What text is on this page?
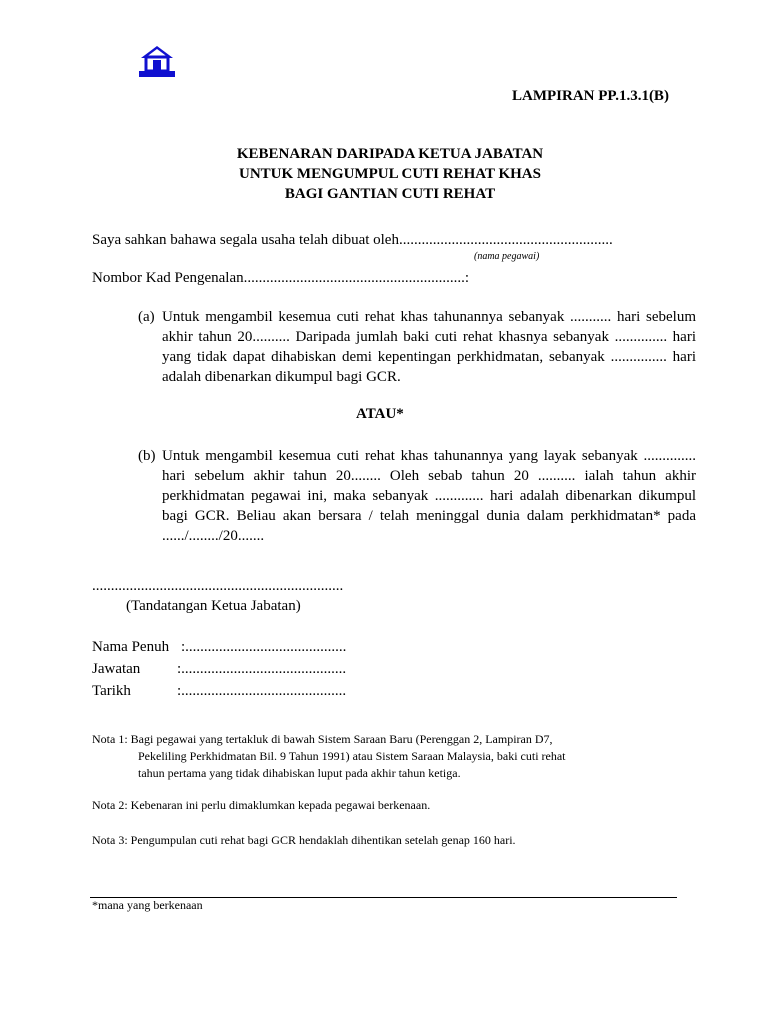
LAMPIRAN PP.1.3.1(B)
KEBENARAN DARIPADA KETUA JABATAN
UNTUK MENGUMPUL CUTI REHAT KHAS
BAGI GANTIAN CUTI REHAT
Saya sahkan bahawa segala usaha telah dibuat oleh.........................................................
(nama pegawai)
Nombor Kad Pengenalan...........................................................:
(a) Untuk mengambil kesemua cuti rehat khas tahunannya sebanyak ........... hari sebelum akhir tahun 20.......... Daripada jumlah baki cuti rehat khasnya sebanyak .............. hari yang tidak dapat dihabiskan demi kepentingan perkhidmatan, sebanyak ............... hari adalah dibenarkan dikumpul bagi GCR.

ATAU*
(b) Untuk mengambil kesemua cuti rehat khas tahunannya yang layak sebanyak .............. hari sebelum akhir tahun 20........ Oleh sebab tahun 20 .......... ialah tahun akhir perkhidmatan pegawai ini, maka sebanyak ............. hari adalah dibenarkan dikumpul bagi GCR. Beliau akan bersara / telah meninggal dunia dalam perkhidmatan* pada ....../......../20.......

...................................................................
(Tandatangan Ketua Jabatan)
Nama Penuh :...........................................
Jawatan :............................................
Tarikh	:............................................
Nota 1: Bagi pegawai yang tertakluk di bawah Sistem Saraan Baru (Perenggan 2, Lampiran D7,
Pekeliling Perkhidmatan Bil. 9 Tahun 1991) atau Sistem Saraan Malaysia, baki cuti rehat
tahun pertama yang tidak dihabiskan luput pada akhir tahun ketiga.
Nota 2: Kebenaran ini perlu dimaklumkan kepada pegawai berkenaan.
Nota 3: Pengumpulan cuti rehat bagi GCR hendaklah dihentikan setelah genap 160 hari.
*mana yang berkenaan
